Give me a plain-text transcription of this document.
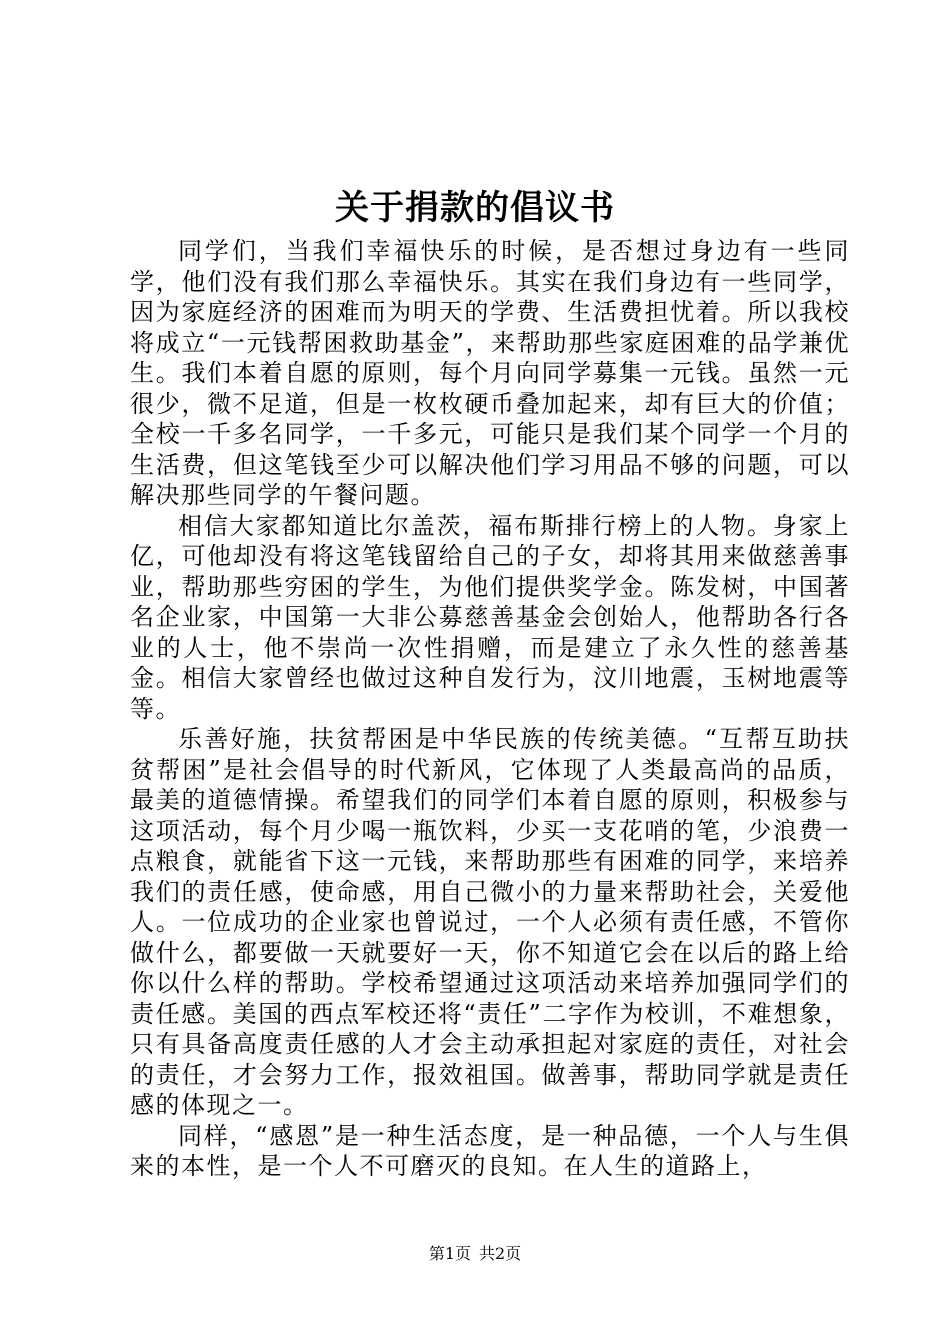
关于捐款的倡议书

同学们，当我们幸福快乐的时候，是否想过身边有一些同学，他们没有我们那么幸福快乐。其实在我们身边有一些同学，因为家庭经济的困难而为明天的学费、生活费担忧着。所以我校将成立“一元钱帮困救助基金”，来帮助那些家庭困难的品学兼优生。我们本着自愿的原则，每个月向同学募集一元钱。虽然一元很少，微不足道，但是一枚枚硬币叠加起来，却有巨大的价值；全校一千多名同学，一千多元，可能只是我们某个同学一个月的生活费，但这笔钱至少可以解决他们学习用品不够的问题，可以解决那些同学的午餐问题。

相信大家都知道比尔盖茨，福布斯排行榜上的人物。身家上亿，可他却没有将这笔钱留给自己的子女，却将其用来做慈善事业，帮助那些穷困的学生，为他们提供奖学金。陈发树，中国著名企业家，中国第一大非公募慈善基金会创始人，他帮助各行各业的人士，他不崇尚一次性捐赠，而是建立了永久性的慈善基金。相信大家曾经也做过这种自发行为，汶川地震，玉树地震等等。

乐善好施，扶贫帮困是中华民族的传统美德。“互帮互助扶贫帮困”是社会倡导的时代新风，它体现了人类最高尚的品质，最美的道德情操。希望我们的同学们本着自愿的原则，积极参与这项活动，每个月少喝一瓶饮料，少买一支花哨的笔，少浪费一点粮食，就能省下这一元钱，来帮助那些有困难的同学，来培养我们的责任感，使命感，用自己微小的力量来帮助社会，关爱他人。一位成功的企业家也曾说过，一个人必须有责任感，不管你做什么，都要做一天就要好一天，你不知道它会在以后的路上给你以什么样的帮助。学校希望通过这项活动来培养加强同学们的责任感。美国的西点军校还将“责任”二字作为校训，不难想象，只有具备高度责任感的人才会主动承担起对家庭的责任，对社会的责任，才会努力工作，报效祖国。做善事，帮助同学就是责任感的体现之一。

同样，“感恩”是一种生活态度，是一种品德，一个人与生俱来的本性，是一个人不可磨灭的良知。在人生的道路上，

第1页 共2页
